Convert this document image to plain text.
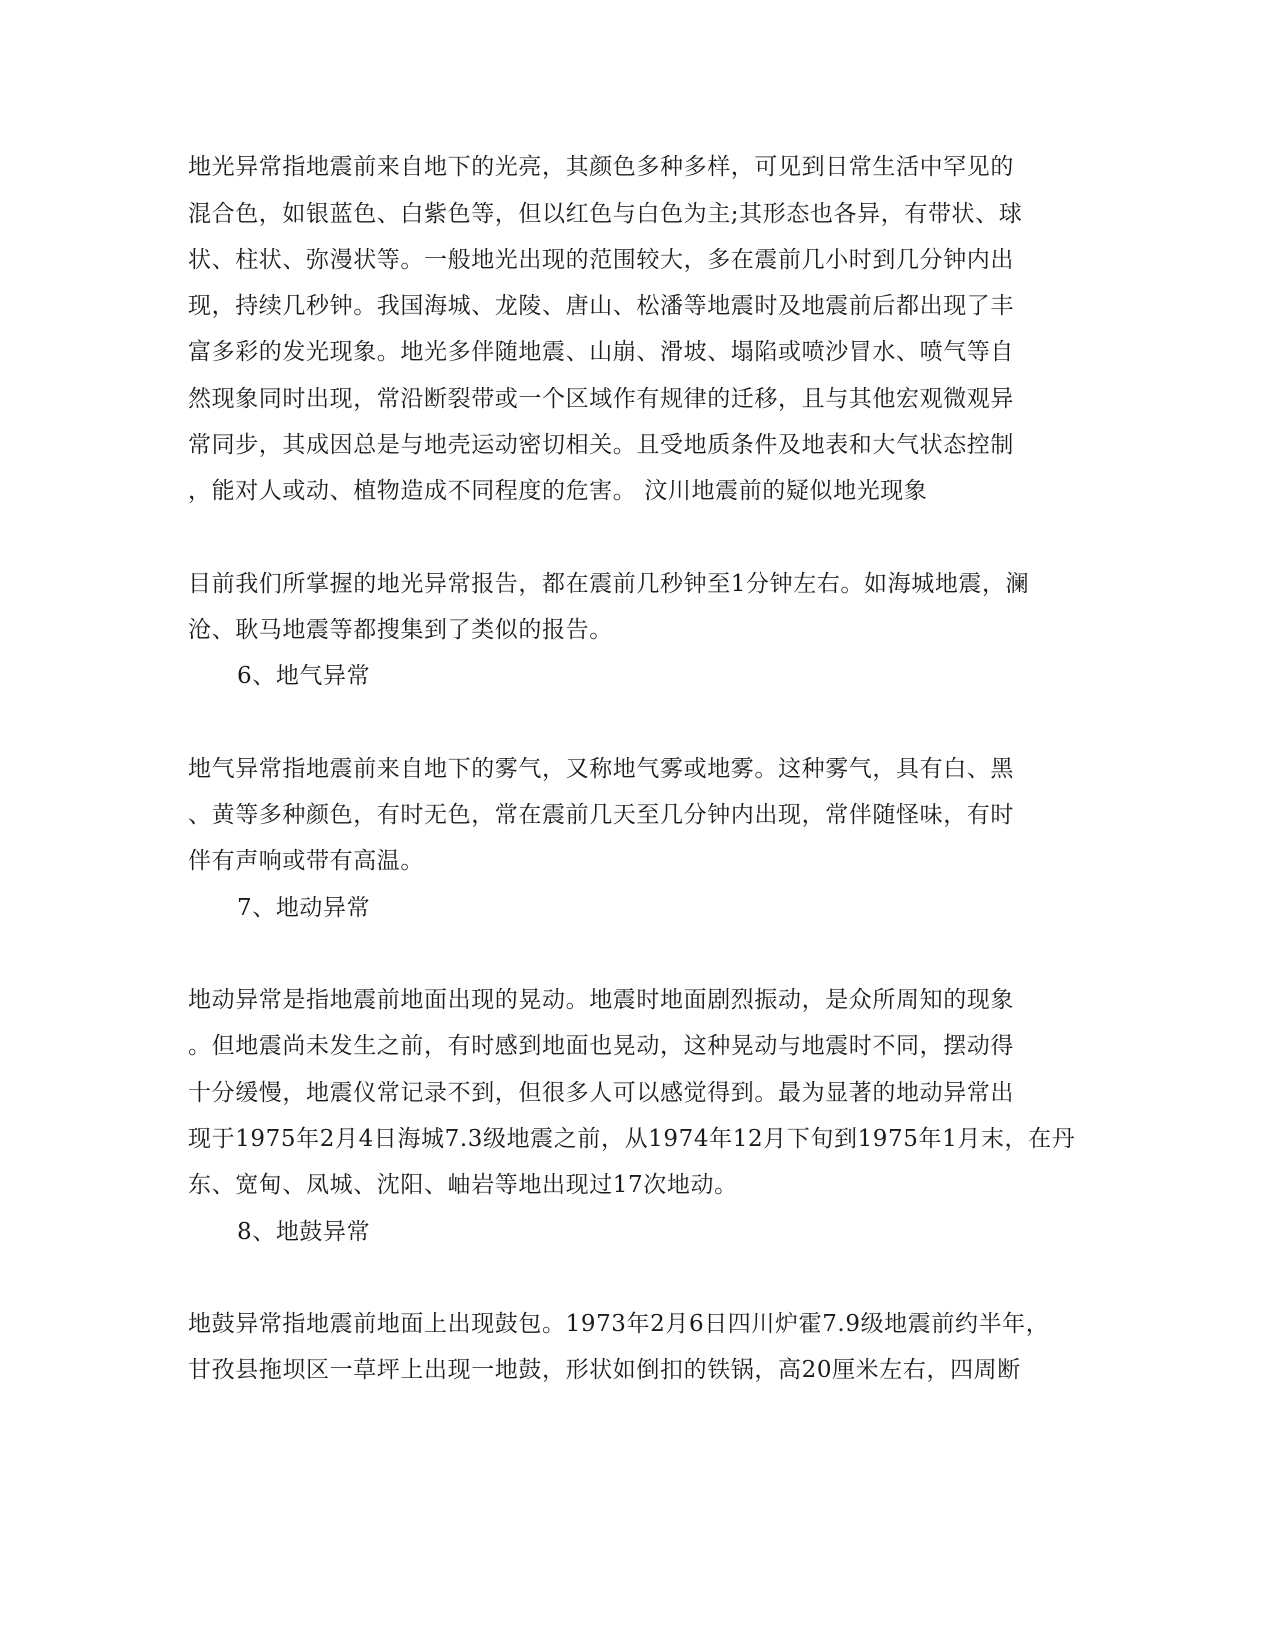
地光异常指地震前来自地下的光亮，其颜色多种多样，可见到日常生活中罕见的
混合色，如银蓝色、白紫色等，但以红色与白色为主;其形态也各异，有带状、球
状、柱状、弥漫状等。一般地光出现的范围较大，多在震前几小时到几分钟内出
现，持续几秒钟。我国海城、龙陵、唐山、松潘等地震时及地震前后都出现了丰
富多彩的发光现象。地光多伴随地震、山崩、滑坡、塌陷或喷沙冒水、喷气等自
然现象同时出现，常沿断裂带或一个区域作有规律的迁移，且与其他宏观微观异
常同步，其成因总是与地壳运动密切相关。且受地质条件及地表和大气状态控制
，能对人或动、植物造成不同程度的危害。 汶川地震前的疑似地光现象
目前我们所掌握的地光异常报告，都在震前几秒钟至1分钟左右。如海城地震，澜
沧、耿马地震等都搜集到了类似的报告。
6、地气异常
地气异常指地震前来自地下的雾气，又称地气雾或地雾。这种雾气，具有白、黑
、黄等多种颜色，有时无色，常在震前几天至几分钟内出现，常伴随怪味，有时
伴有声响或带有高温。
7、地动异常
地动异常是指地震前地面出现的晃动。地震时地面剧烈振动，是众所周知的现象
。但地震尚未发生之前，有时感到地面也晃动，这种晃动与地震时不同，摆动得
十分缓慢，地震仪常记录不到，但很多人可以感觉得到。最为显著的地动异常出
现于1975年2月4日海城7.3级地震之前，从1974年12月下旬到1975年1月末，在丹
东、宽甸、凤城、沈阳、岫岩等地出现过17次地动。
8、地鼓异常
地鼓异常指地震前地面上出现鼓包。1973年2月6日四川炉霍7.9级地震前约半年，
甘孜县拖坝区一草坪上出现一地鼓，形状如倒扣的铁锅，高20厘米左右，四周断
